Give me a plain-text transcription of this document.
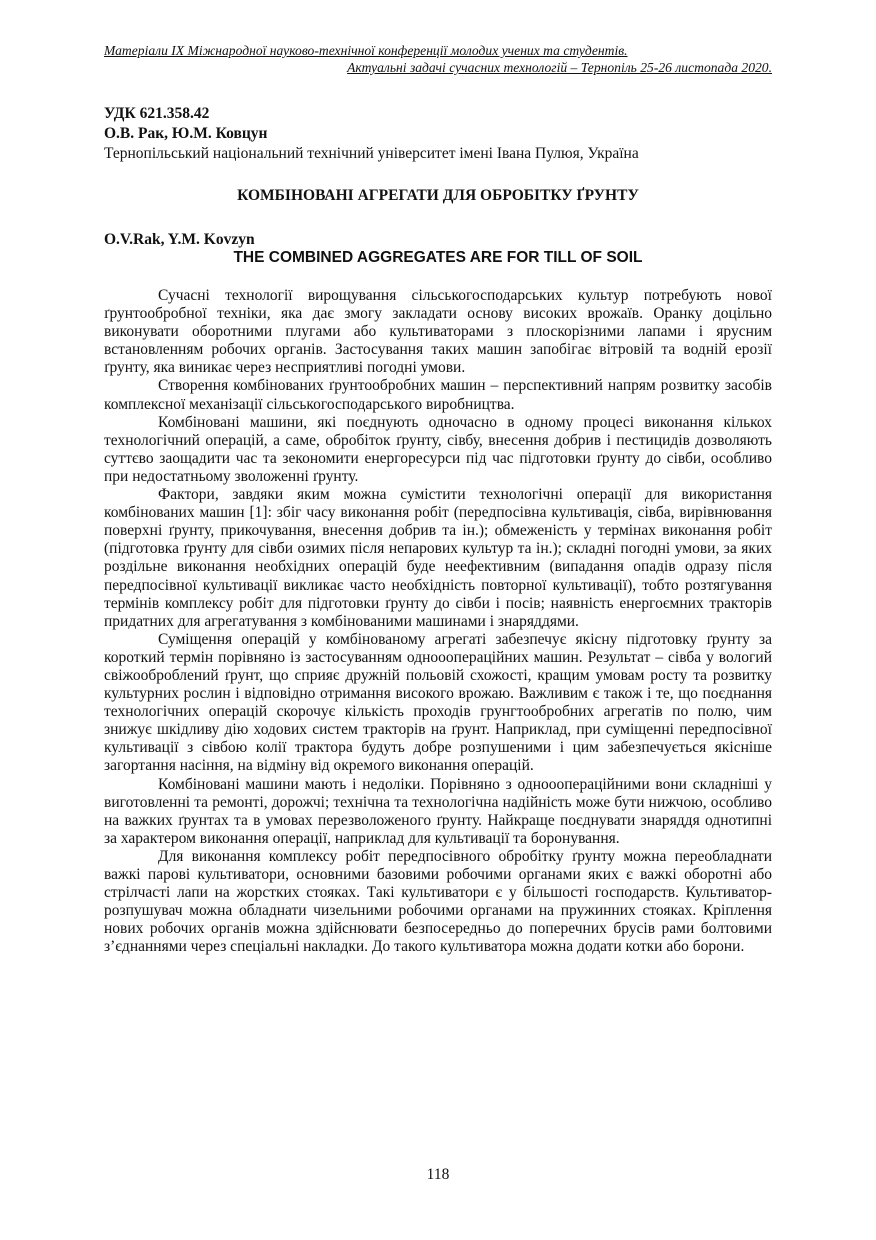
Матеріали IX Міжнародної науково-технічної конференції молодих учених та студентів.
Актуальні задачі сучасних технологій – Тернопіль 25-26 листопада 2020.
УДК 621.358.42
О.В. Рак, Ю.М. Ковцун
Тернопільський національний технічний університет імені Івана Пулюя, Україна
КОМБІНОВАНІ АГРЕГАТИ ДЛЯ ОБРОБІТКУ ҐРУНТУ
O.V.Rak, Y.M. Kovzyn
THE COMBINED AGGREGATES ARE FOR TILL OF SOIL

Сучасні технології вирощування сільськогосподарських культур потребують нової ґрунтообробної техніки, яка дає змогу закладати основу високих врожаїв. Оранку доцільно виконувати оборотними плугами або культиваторами з плоскорізними лапами і ярусним встановленням робочих органів. Застосування таких машин запобігає вітровій та водній ерозії ґрунту, яка виникає через несприятливі погодні умови.

Створення комбінованих ґрунтообробних машин – перспективний напрям розвитку засобів комплексної механізації сільськогосподарського виробництва.

Комбіновані машини, які поєднують одночасно в одному процесі виконання кількох технологічний операцій, а саме, обробіток ґрунту, сівбу, внесення добрив і пестицидів дозволяють суттєво заощадити час та зекономити енергоресурси під час підготовки ґрунту до сівби, особливо при недостатньому зволоженні ґрунту.

Фактори, завдяки яким можна сумістити технологічні операції для використання комбінованих машин [1]: збіг часу виконання робіт (передпосівна культивація, сівба, вирівнювання поверхні ґрунту, прикочування, внесення добрив та ін.); обмеженість у термінах виконання робіт (підготовка ґрунту для сівби озимих після непарових культур та ін.); складні погодні умови, за яких роздільне виконання необхідних операцій буде неефективним (випадання опадів одразу після передпосівної культивації викликає часто необхідність повторної культивації), тобто розтягування термінів комплексу робіт для підготовки ґрунту до сівби і посів; наявність енергоємних тракторів придатних для агрегатування з комбінованими машинами і знаряддями.

Суміщення операцій у комбінованому агрегаті забезпечує якісну підготовку ґрунту за короткий термін порівняно із застосуванням однооопераційних машин. Результат – сівба у вологий свіжооброблений ґрунт, що сприяє дружній польовій схожості, кращим умовам росту та розвитку культурних рослин і відповідно отримання високого врожаю. Важливим є також і те, що поєднання технологічних операцій скорочує кількість проходів грунгтообробних агрегатів по полю, чим знижує шкідливу дію ходових систем тракторів на ґрунт. Наприклад, при суміщенні передпосівної культивації з сівбою колії трактора будуть добре розпушеними і цим забезпечується якісніше загортання насіння, на відміну від окремого виконання операцій.

Комбіновані машини мають і недоліки. Порівняно з однооопераційними вони складніші у виготовленні та ремонті, дорожчі; технічна та технологічна надійність може бути нижчою, особливо на важких ґрунтах та в умовах перезволоженого ґрунту. Найкраще поєднувати знаряддя однотипні за характером виконання операції, наприклад для культивації та боронування.

Для виконання комплексу робіт передпосівного обробітку ґрунту можна переобладнати важкі парові культиватори, основними базовими робочими органами яких є важкі оборотні або стрілчасті лапи на жорстких стояках. Такі культиватори є у більшості господарств. Культиватор-розпушувач можна обладнати чизельними робочими органами на пружинних стояках. Кріплення нових робочих органів можна здійснювати безпосередньо до поперечних брусів рами болтовими з’єднаннями через спеціальні накладки. До такого культиватора можна додати котки або борони.

118
